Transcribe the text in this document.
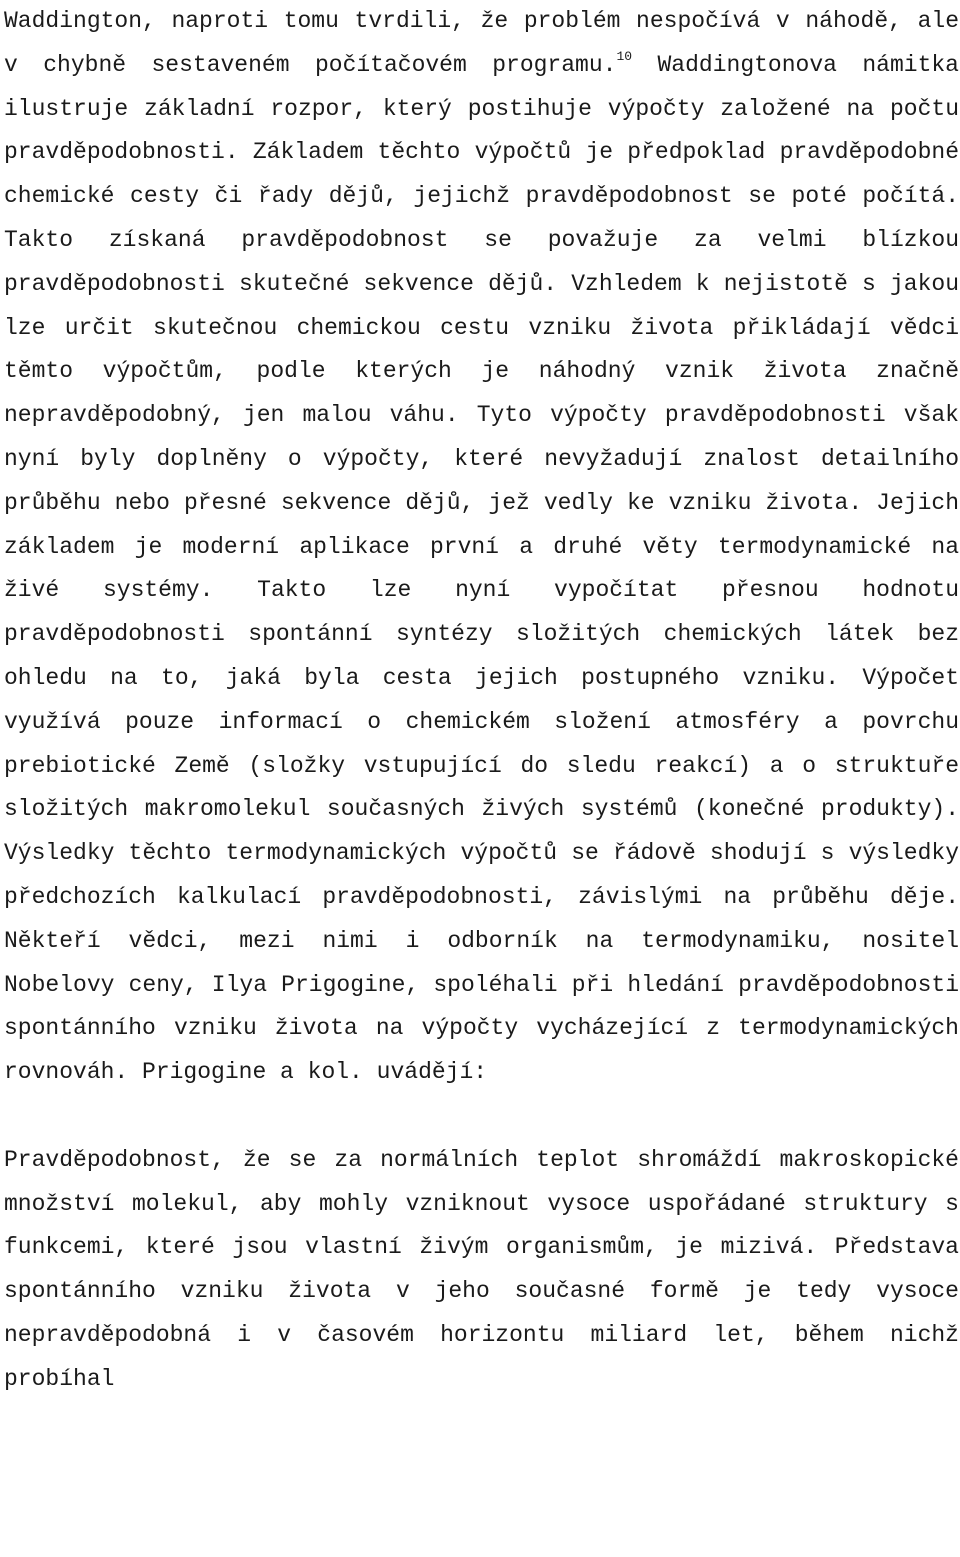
Waddington, naproti tomu tvrdili, že problém nespočívá v náhodě, ale v chybně sestaveném počítačovém programu.$^{10}$ Waddingtonova námitka ilustruje základní rozpor, který postihuje výpočty založené na počtu pravděpodobnosti. Základem těchto výpočtů je předpoklad pravděpodobné chemické cesty či řady dějů, jejichž pravděpodobnost se poté počítá. Takto získaná pravděpodobnost se považuje za velmi blízkou pravděpodobnosti skutečné sekvence dějů. Vzhledem k nejistotě s jakou lze určit skutečnou chemickou cestu vzniku života přikládají vědci těmto výpočtům, podle kterých je náhodný vznik života značně nepravděpodobný, jen malou váhu. Tyto výpočty pravděpodobnosti však nyní byly doplněny o výpočty, které nevyžadují znalost detailního průběhu nebo přesné sekvence dějů, jež vedly ke vzniku života. Jejich základem je moderní aplikace první a druhé věty termodynamické na živé systémy. Takto lze nyní vypočítat přesnou hodnotu pravděpodobnosti spontánní syntézy složitých chemických látek bez ohledu na to, jaká byla cesta jejich postupného vzniku. Výpočet využívá pouze informací o chemickém složení atmosféry a povrchu prebiotické Země (složky vstupující do sledu reakcí) a o struktuře složitých makromolekul současných živých systémů (konečné produkty). Výsledky těchto termodynamických výpočtů se řádově shodují s výsledky předchozích kalkulací pravděpodobnosti, závislými na průběhu děje. Někteří vědci, mezi nimi i odborník na termodynamiku, nositel Nobelovy ceny, Ilya Prigogine, spoléhali při hledání pravděpodobnosti spontánního vzniku života na výpočty vycházející z termodynamických rovnováh. Prigogine a kol. uvádějí:

Pravděpodobnost, že se za normálních teplot shromáždí makroskopické množství molekul, aby mohly vzniknout vysoce uspořádané struktury s funkcemi, které jsou vlastní živým organismům, je mizivá. Představa spontánního vzniku života v jeho současné formě je tedy vysoce nepravděpodobná i v časovém horizontu miliard let, během nichž probíhal
